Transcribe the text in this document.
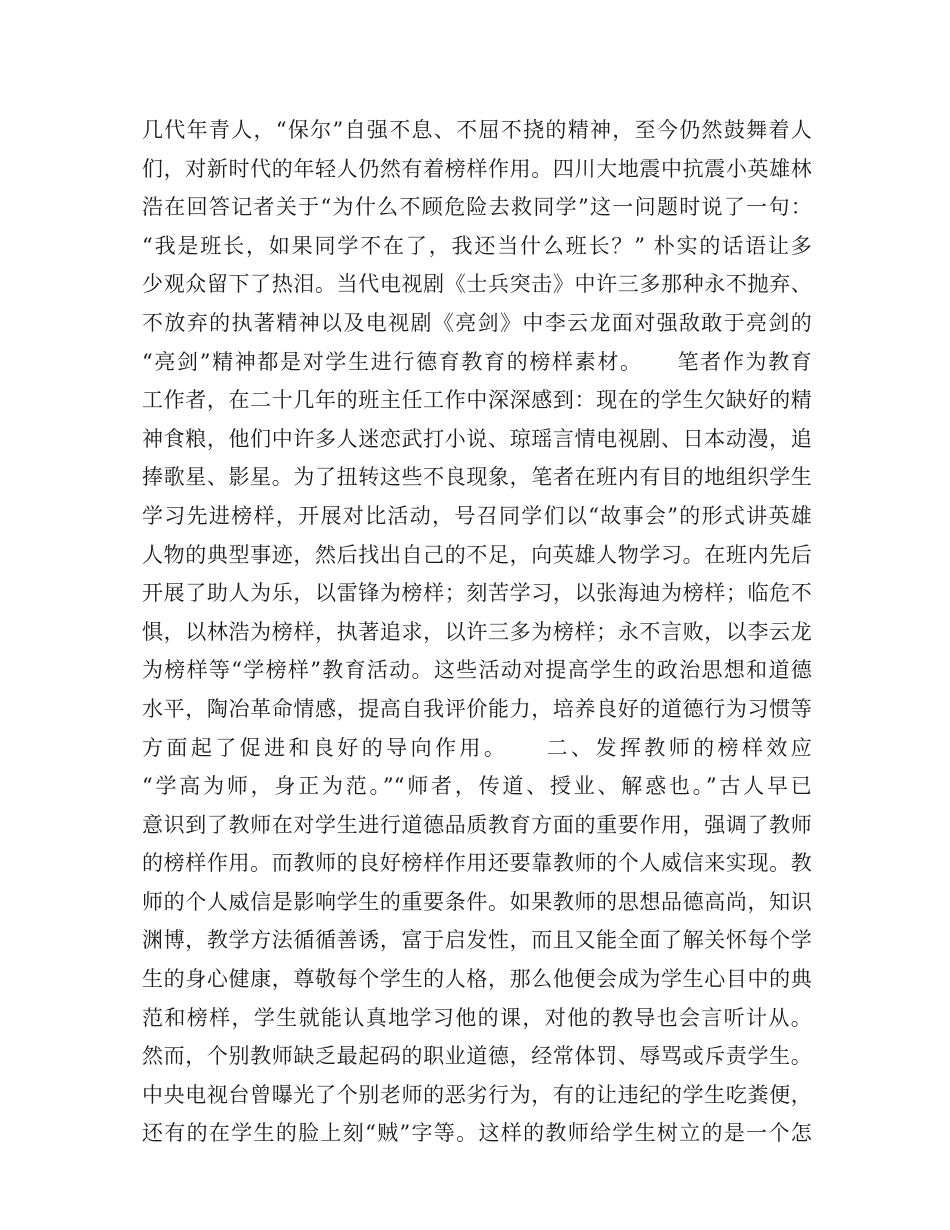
几代年青人，“保尔”自强不息、不屈不挠的精神，至今仍然鼓舞着人
们，对新时代的年轻人仍然有着榜样作用。四川大地震中抗震小英雄林
浩在回答记者关于“为什么不顾危险去救同学”这一问题时说了一句：
“我是班长，如果同学不在了，我还当什么班长？” 朴实的话语让多
少观众留下了热泪。当代电视剧《士兵突击》中许三多那种永不抛弃、
不放弃的执著精神以及电视剧《亮剑》中李云龙面对强敌敢于亮剑的
“亮剑”精神都是对学生进行德育教育的榜样素材。　　笔者作为教育
工作者，在二十几年的班主任工作中深深感到：现在的学生欠缺好的精
神食粮，他们中许多人迷恋武打小说、琼瑶言情电视剧、日本动漫，追
捧歌星、影星。为了扭转这些不良现象，笔者在班内有目的地组织学生
学习先进榜样，开展对比活动，号召同学们以“故事会”的形式讲英雄
人物的典型事迹，然后找出自己的不足，向英雄人物学习。在班内先后
开展了助人为乐，以雷锋为榜样；刻苦学习，以张海迪为榜样；临危不
惧，以林浩为榜样，执著追求，以许三多为榜样；永不言败，以李云龙
为榜样等“学榜样”教育活动。这些活动对提高学生的政治思想和道德
水平，陶冶革命情感，提高自我评价能力，培养良好的道德行为习惯等
方面起了促进和良好的导向作用。　　二、发挥教师的榜样效应　　
“学高为师，身正为范。”“师者，传道、授业、解惑也。”古人早已
意识到了教师在对学生进行道德品质教育方面的重要作用，强调了教师
的榜样作用。而教师的良好榜样作用还要靠教师的个人威信来实现。教
师的个人威信是影响学生的重要条件。如果教师的思想品德高尚，知识
渊博，教学方法循循善诱，富于启发性，而且又能全面了解关怀每个学
生的身心健康，尊敬每个学生的人格，那么他便会成为学生心目中的典
范和榜样，学生就能认真地学习他的课，对他的教导也会言听计从。
然而，个别教师缺乏最起码的职业道德，经常体罚、辱骂或斥责学生。
中央电视台曾曝光了个别老师的恶劣行为，有的让违纪的学生吃粪便，
还有的在学生的脸上刻“贼”字等。这样的教师给学生树立的是一个怎
